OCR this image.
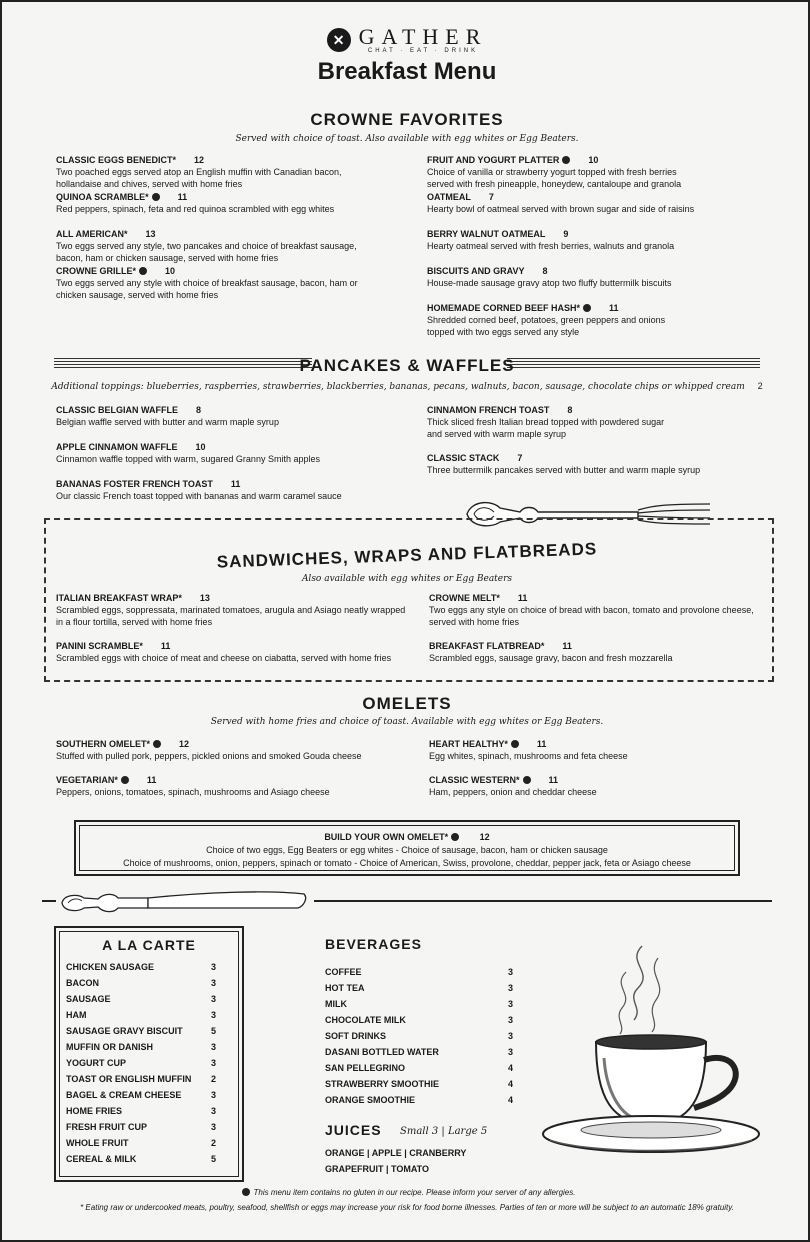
✕ GATHER
CHAT · EAT · DRINK
Breakfast Menu
CROWNE FAVORITES
Served with choice of toast. Also available with egg whites or Egg Beaters.
CLASSIC EGGS BENEDICT* 12
Two poached eggs served atop an English muffin with Canadian bacon,
hollandaise and chives, served with home fries
QUINOA SCRAMBLE*	11
Red peppers, spinach, feta and red quinoa scrambled with egg whites
ALL AMERICAN* 13
Two eggs served any style, two pancakes and choice of breakfast sausage,
bacon, ham or chicken sausage, served with home fries
CROWNE GRILLE*	10
Two eggs served any style with choice of breakfast sausage, bacon, ham or
chicken sausage, served with home fries
FRUIT AND YOGURT PLATTER	10
Choice of vanilla or strawberry yogurt topped with fresh berries
served with fresh pineapple, honeydew, cantaloupe and granola
OATMEAL 7
Hearty bowl of oatmeal served with brown sugar and side of raisins
BERRY WALNUT OATMEAL 9
Hearty oatmeal served with fresh berries, walnuts and granola
BISCUITS AND GRAVY 8
House-made sausage gravy atop two fluffy buttermilk biscuits
HOMEMADE CORNED BEEF HASH*	11
Shredded corned beef, potatoes, green peppers and onions
topped with two eggs served any style
PANCAKES & WAFFLES
Additional toppings: blueberries, raspberries, strawberries, blackberries, bananas, pecans, walnuts, bacon, sausage, chocolate chips or whipped cream 2
CLASSIC BELGIAN WAFFLE 8
Belgian waffle served with butter and warm maple syrup
APPLE CINNAMON WAFFLE 10
Cinnamon waffle topped with warm, sugared Granny Smith apples
BANANAS FOSTER FRENCH TOAST 11
Our classic French toast topped with bananas and warm caramel sauce
CINNAMON FRENCH TOAST 8
Thick sliced fresh Italian bread topped with powdered sugar
and served with warm maple syrup
CLASSIC STACK 7
Three buttermilk pancakes served with butter and warm maple syrup
SANDWICHES, WRAPS AND FLATBREADS
Also available with egg whites or Egg Beaters
ITALIAN BREAKFAST WRAP* 13
Scrambled eggs, soppressata, marinated tomatoes, arugula and Asiago neatly wrapped
in a flour tortilla, served with home fries
PANINI SCRAMBLE* 11
Scrambled eggs with choice of meat and cheese on ciabatta, served with home fries
CROWNE MELT* 11
Two eggs any style on choice of bread with bacon, tomato and provolone cheese,
served with home fries
BREAKFAST FLATBREAD* 11
Scrambled eggs, sausage gravy, bacon and fresh mozzarella
OMELETS
Served with home fries and choice of toast. Available with egg whites or Egg Beaters.
SOUTHERN OMELET*	12
Stuffed with pulled pork, peppers, pickled onions and smoked Gouda cheese
VEGETARIAN*	11
Peppers, onions, tomatoes, spinach, mushrooms and Asiago cheese
HEART HEALTHY*	11
Egg whites, spinach, mushrooms and feta cheese
CLASSIC WESTERN*	11
Ham, peppers, onion and cheddar cheese
BUILD YOUR OWN OMELET*	12
Choice of two eggs, Egg Beaters or egg whites - Choice of sausage, bacon, ham or chicken sausage
Choice of mushrooms, onion, peppers, spinach or tomato - Choice of American, Swiss, provolone, cheddar, pepper jack, feta or Asiago cheese
A LA CARTE
CHICKEN SAUSAGE	3
BACON	3
SAUSAGE	3
HAM	3
SAUSAGE GRAVY BISCUIT	5
MUFFIN OR DANISH	3
YOGURT CUP	3
TOAST OR ENGLISH MUFFIN 2
BAGEL & CREAM CHEESE	3
HOME FRIES	3
FRESH FRUIT CUP	3
WHOLE FRUIT	2
CEREAL & MILK	5
BEVERAGES
COFFEE	3
HOT TEA	3
MILK	3
CHOCOLATE MILK	3
SOFT DRINKS	3
DASANI BOTTLED WATER	3
SAN PELLEGRINO	4
STRAWBERRY SMOOTHIE	4
ORANGE SMOOTHIE	4
JUICES Small 3 | Large 5
ORANGE | APPLE | CRANBERRY
GRAPEFRUIT | TOMATO
This menu item contains no gluten in our recipe. Please inform your server of any allergies.
* Eating raw or undercooked meats, poultry, seafood, shellfish or eggs may increase your risk for food borne illnesses. Parties of ten or more will be subject to an automatic 18% gratuity.
